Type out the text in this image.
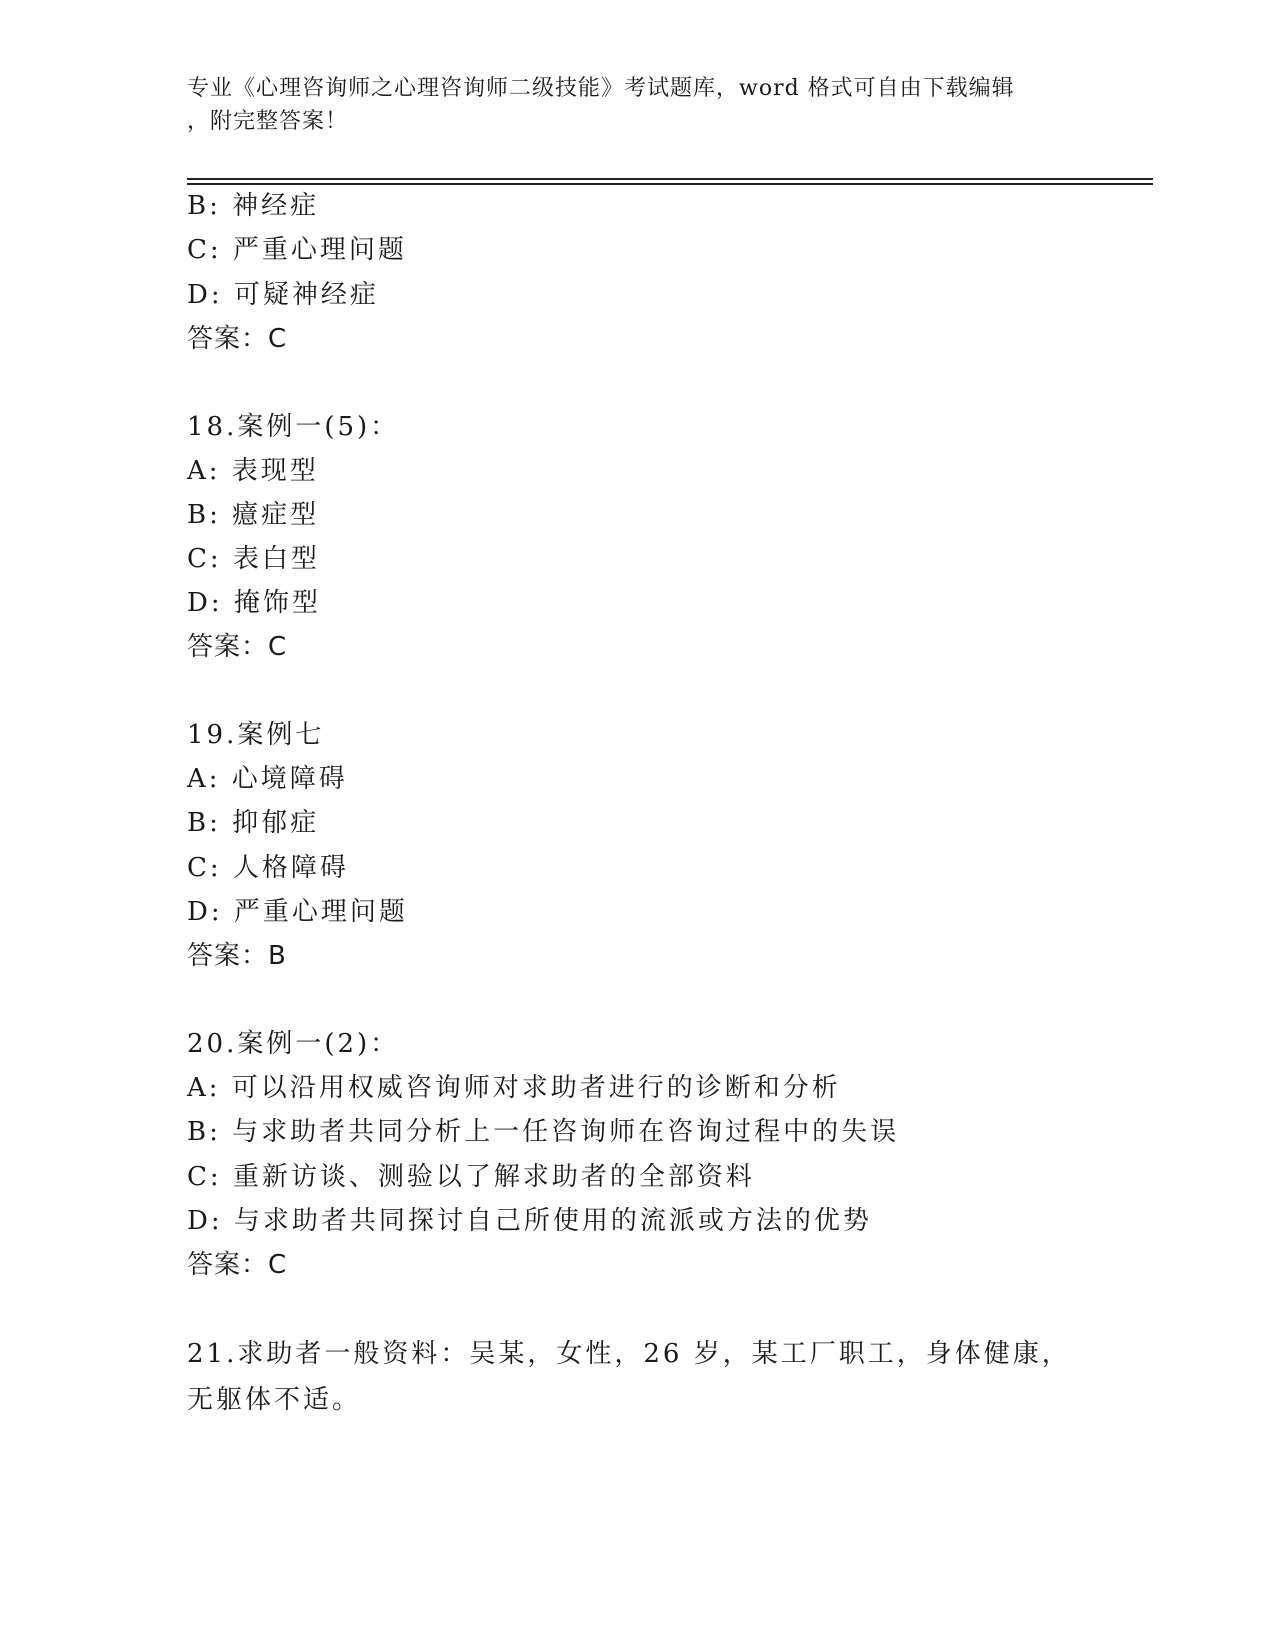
专业《心理咨询师之心理咨询师二级技能》考试题库，word 格式可自由下载编辑
，附完整答案！
B: 神经症
C: 严重心理问题
D: 可疑神经症
答案：C
18.案例一(5)：
A: 表现型
B: 癔症型
C: 表白型
D: 掩饰型
答案：C
19.案例七
A: 心境障碍
B: 抑郁症
C: 人格障碍
D: 严重心理问题
答案：B
20.案例一(2)：
A: 可以沿用权威咨询师对求助者进行的诊断和分析
B: 与求助者共同分析上一任咨询师在咨询过程中的失误
C: 重新访谈、测验以了解求助者的全部资料
D: 与求助者共同探讨自己所使用的流派或方法的优势
答案：C
21.求助者一般资料：吴某，女性，26 岁，某工厂职工，身体健康，无躯体不适。
